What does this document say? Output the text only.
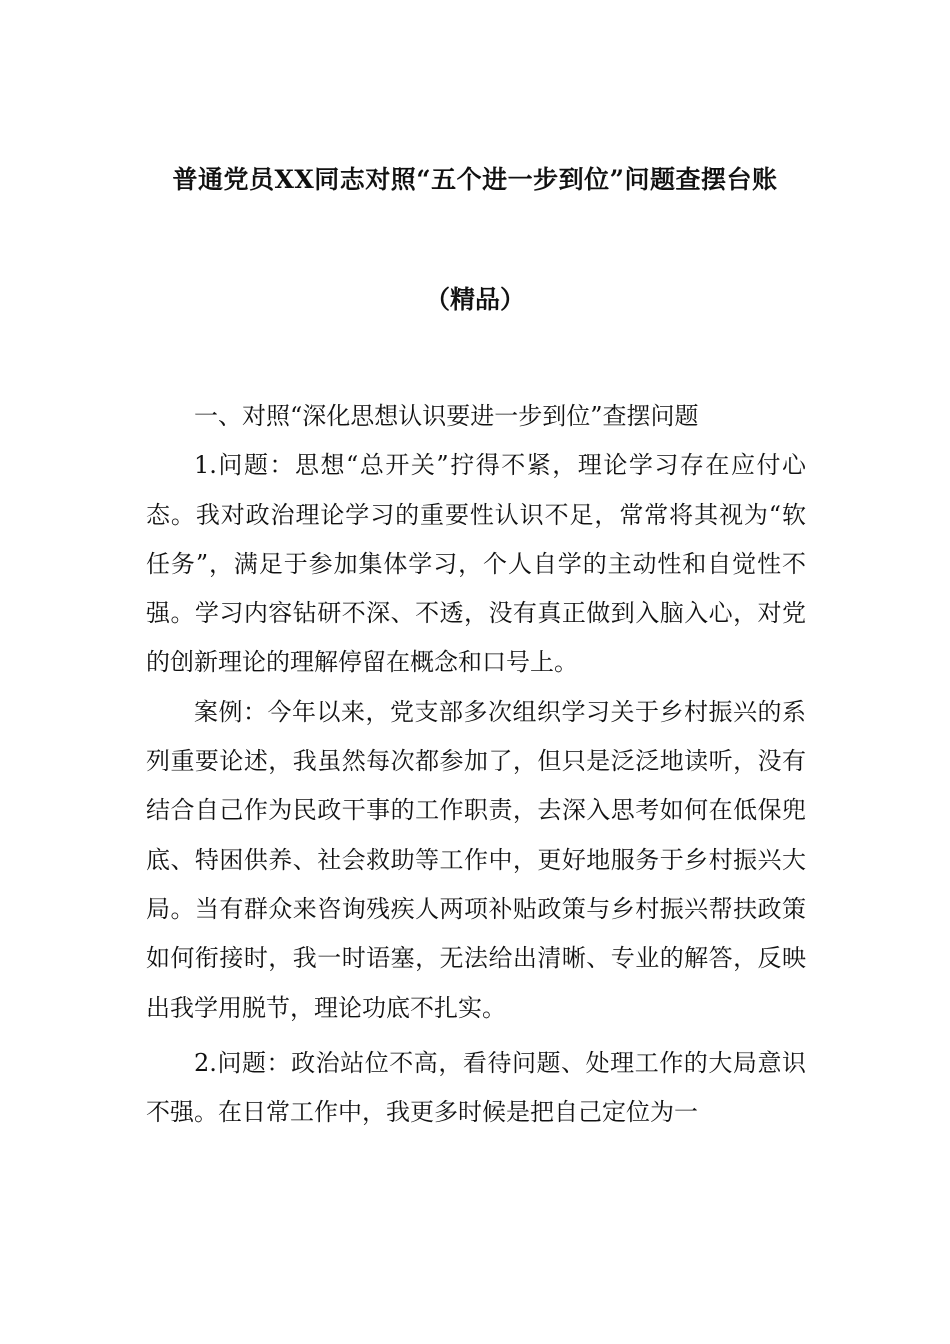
普通党员XX同志对照“五个进一步到位”问题查摆台账
（精品）

一、对照“深化思想认识要进一步到位”查摆问题

1.问题：思想“总开关”拧得不紧，理论学习存在应付心态。我对政治理论学习的重要性认识不足，常常将其视为“软任务”，满足于参加集体学习，个人自学的主动性和自觉性不强。学习内容钻研不深、不透，没有真正做到入脑入心，对党的创新理论的理解停留在概念和口号上。

案例：今年以来，党支部多次组织学习关于乡村振兴的系列重要论述，我虽然每次都参加了，但只是泛泛地读听，没有结合自己作为民政干事的工作职责，去深入思考如何在低保兜底、特困供养、社会救助等工作中，更好地服务于乡村振兴大局。当有群众来咨询残疾人两项补贴政策与乡村振兴帮扶政策如何衔接时，我一时语塞，无法给出清晰、专业的解答，反映出我学用脱节，理论功底不扎实。

2.问题：政治站位不高，看待问题、处理工作的大局意识不强。在日常工作中，我更多时候是把自己定位为一
